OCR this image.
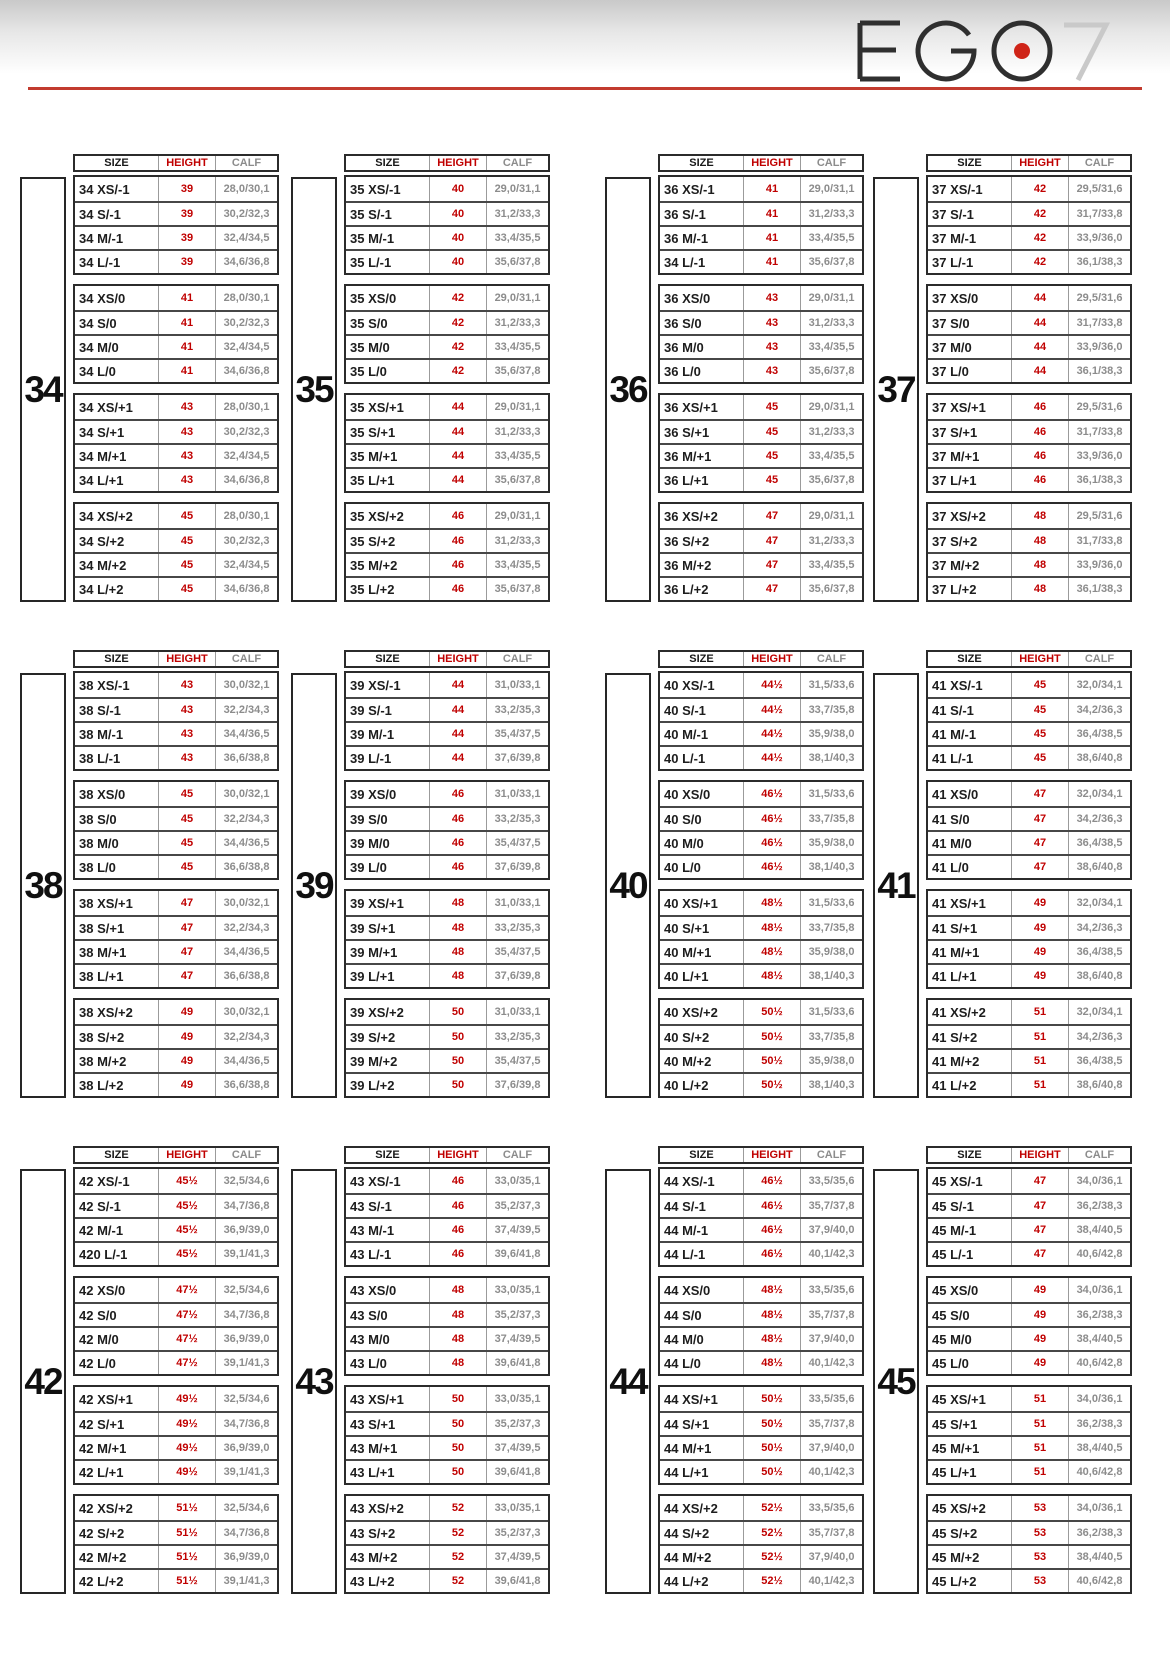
34
SIZE	HEIGHT	CALF
34 XS/-1	39	28,0/30,1
34 S/-1	39	30,2/32,3
34 M/-1	39	32,4/34,5
34 L/-1	39	34,6/36,8
34 XS/0	41	28,0/30,1
34 S/0	41	30,2/32,3
34 M/0	41	32,4/34,5
34 L/0	41	34,6/36,8
34 XS/+1	43	28,0/30,1
34 S/+1	43	30,2/32,3
34 M/+1	43	32,4/34,5
34 L/+1	43	34,6/36,8
34 XS/+2	45	28,0/30,1
34 S/+2	45	30,2/32,3
34 M/+2	45	32,4/34,5
34 L/+2	45	34,6/36,8
35
SIZE	HEIGHT	CALF
35 XS/-1	40	29,0/31,1
35 S/-1	40	31,2/33,3
35 M/-1	40	33,4/35,5
35 L/-1	40	35,6/37,8
35 XS/0	42	29,0/31,1
35 S/0	42	31,2/33,3
35 M/0	42	33,4/35,5
35 L/0	42	35,6/37,8
35 XS/+1	44	29,0/31,1
35 S/+1	44	31,2/33,3
35 M/+1	44	33,4/35,5
35 L/+1	44	35,6/37,8
35 XS/+2	46	29,0/31,1
35 S/+2	46	31,2/33,3
35 M/+2	46	33,4/35,5
35 L/+2	46	35,6/37,8
36
SIZE	HEIGHT	CALF
36 XS/-1	41	29,0/31,1
36 S/-1	41	31,2/33,3
36 M/-1	41	33,4/35,5
34 L/-1	41	35,6/37,8
36 XS/0	43	29,0/31,1
36 S/0	43	31,2/33,3
36 M/0	43	33,4/35,5
36 L/0	43	35,6/37,8
36 XS/+1	45	29,0/31,1
36 S/+1	45	31,2/33,3
36 M/+1	45	33,4/35,5
36 L/+1	45	35,6/37,8
36 XS/+2	47	29,0/31,1
36 S/+2	47	31,2/33,3
36 M/+2	47	33,4/35,5
36 L/+2	47	35,6/37,8
37
SIZE	HEIGHT	CALF
37 XS/-1	42	29,5/31,6
37 S/-1	42	31,7/33,8
37 M/-1	42	33,9/36,0
37 L/-1	42	36,1/38,3
37 XS/0	44	29,5/31,6
37 S/0	44	31,7/33,8
37 M/0	44	33,9/36,0
37 L/0	44	36,1/38,3
37 XS/+1	46	29,5/31,6
37 S/+1	46	31,7/33,8
37 M/+1	46	33,9/36,0
37 L/+1	46	36,1/38,3
37 XS/+2	48	29,5/31,6
37 S/+2	48	31,7/33,8
37 M/+2	48	33,9/36,0
37 L/+2	48	36,1/38,3
38
SIZE	HEIGHT	CALF
38 XS/-1	43	30,0/32,1
38 S/-1	43	32,2/34,3
38 M/-1	43	34,4/36,5
38 L/-1	43	36,6/38,8
38 XS/0	45	30,0/32,1
38 S/0	45	32,2/34,3
38 M/0	45	34,4/36,5
38 L/0	45	36,6/38,8
38 XS/+1	47	30,0/32,1
38 S/+1	47	32,2/34,3
38 M/+1	47	34,4/36,5
38 L/+1	47	36,6/38,8
38 XS/+2	49	30,0/32,1
38 S/+2	49	32,2/34,3
38 M/+2	49	34,4/36,5
38 L/+2	49	36,6/38,8
39
SIZE	HEIGHT	CALF
39 XS/-1	44	31,0/33,1
39 S/-1	44	33,2/35,3
39 M/-1	44	35,4/37,5
39 L/-1	44	37,6/39,8
39 XS/0	46	31,0/33,1
39 S/0	46	33,2/35,3
39 M/0	46	35,4/37,5
39 L/0	46	37,6/39,8
39 XS/+1	48	31,0/33,1
39 S/+1	48	33,2/35,3
39 M/+1	48	35,4/37,5
39 L/+1	48	37,6/39,8
39 XS/+2	50	31,0/33,1
39 S/+2	50	33,2/35,3
39 M/+2	50	35,4/37,5
39 L/+2	50	37,6/39,8
40
SIZE	HEIGHT	CALF
40 XS/-1	44½	31,5/33,6
40 S/-1	44½	33,7/35,8
40 M/-1	44½	35,9/38,0
40 L/-1	44½	38,1/40,3
40 XS/0	46½	31,5/33,6
40 S/0	46½	33,7/35,8
40 M/0	46½	35,9/38,0
40 L/0	46½	38,1/40,3
40 XS/+1	48½	31,5/33,6
40 S/+1	48½	33,7/35,8
40 M/+1	48½	35,9/38,0
40 L/+1	48½	38,1/40,3
40 XS/+2	50½	31,5/33,6
40 S/+2	50½	33,7/35,8
40 M/+2	50½	35,9/38,0
40 L/+2	50½	38,1/40,3
41
SIZE	HEIGHT	CALF
41 XS/-1	45	32,0/34,1
41 S/-1	45	34,2/36,3
41 M/-1	45	36,4/38,5
41 L/-1	45	38,6/40,8
41 XS/0	47	32,0/34,1
41 S/0	47	34,2/36,3
41 M/0	47	36,4/38,5
41 L/0	47	38,6/40,8
41 XS/+1	49	32,0/34,1
41 S/+1	49	34,2/36,3
41 M/+1	49	36,4/38,5
41 L/+1	49	38,6/40,8
41 XS/+2	51	32,0/34,1
41 S/+2	51	34,2/36,3
41 M/+2	51	36,4/38,5
41 L/+2	51	38,6/40,8
42
SIZE	HEIGHT	CALF
42 XS/-1	45½	32,5/34,6
42 S/-1	45½	34,7/36,8
42 M/-1	45½	36,9/39,0
420 L/-1	45½	39,1/41,3
42 XS/0	47½	32,5/34,6
42 S/0	47½	34,7/36,8
42 M/0	47½	36,9/39,0
42 L/0	47½	39,1/41,3
42 XS/+1	49½	32,5/34,6
42 S/+1	49½	34,7/36,8
42 M/+1	49½	36,9/39,0
42 L/+1	49½	39,1/41,3
42 XS/+2	51½	32,5/34,6
42 S/+2	51½	34,7/36,8
42 M/+2	51½	36,9/39,0
42 L/+2	51½	39,1/41,3
43
SIZE	HEIGHT	CALF
43 XS/-1	46	33,0/35,1
43 S/-1	46	35,2/37,3
43 M/-1	46	37,4/39,5
43 L/-1	46	39,6/41,8
43 XS/0	48	33,0/35,1
43 S/0	48	35,2/37,3
43 M/0	48	37,4/39,5
43 L/0	48	39,6/41,8
43 XS/+1	50	33,0/35,1
43 S/+1	50	35,2/37,3
43 M/+1	50	37,4/39,5
43 L/+1	50	39,6/41,8
43 XS/+2	52	33,0/35,1
43 S/+2	52	35,2/37,3
43 M/+2	52	37,4/39,5
43 L/+2	52	39,6/41,8
44
SIZE	HEIGHT	CALF
44 XS/-1	46½	33,5/35,6
44 S/-1	46½	35,7/37,8
44 M/-1	46½	37,9/40,0
44 L/-1	46½	40,1/42,3
44 XS/0	48½	33,5/35,6
44 S/0	48½	35,7/37,8
44 M/0	48½	37,9/40,0
44 L/0	48½	40,1/42,3
44 XS/+1	50½	33,5/35,6
44 S/+1	50½	35,7/37,8
44 M/+1	50½	37,9/40,0
44 L/+1	50½	40,1/42,3
44 XS/+2	52½	33,5/35,6
44 S/+2	52½	35,7/37,8
44 M/+2	52½	37,9/40,0
44 L/+2	52½	40,1/42,3
45
SIZE	HEIGHT	CALF
45 XS/-1	47	34,0/36,1
45 S/-1	47	36,2/38,3
45 M/-1	47	38,4/40,5
45 L/-1	47	40,6/42,8
45 XS/0	49	34,0/36,1
45 S/0	49	36,2/38,3
45 M/0	49	38,4/40,5
45 L/0	49	40,6/42,8
45 XS/+1	51	34,0/36,1
45 S/+1	51	36,2/38,3
45 M/+1	51	38,4/40,5
45 L/+1	51	40,6/42,8
45 XS/+2	53	34,0/36,1
45 S/+2	53	36,2/38,3
45 M/+2	53	38,4/40,5
45 L/+2	53	40,6/42,8
